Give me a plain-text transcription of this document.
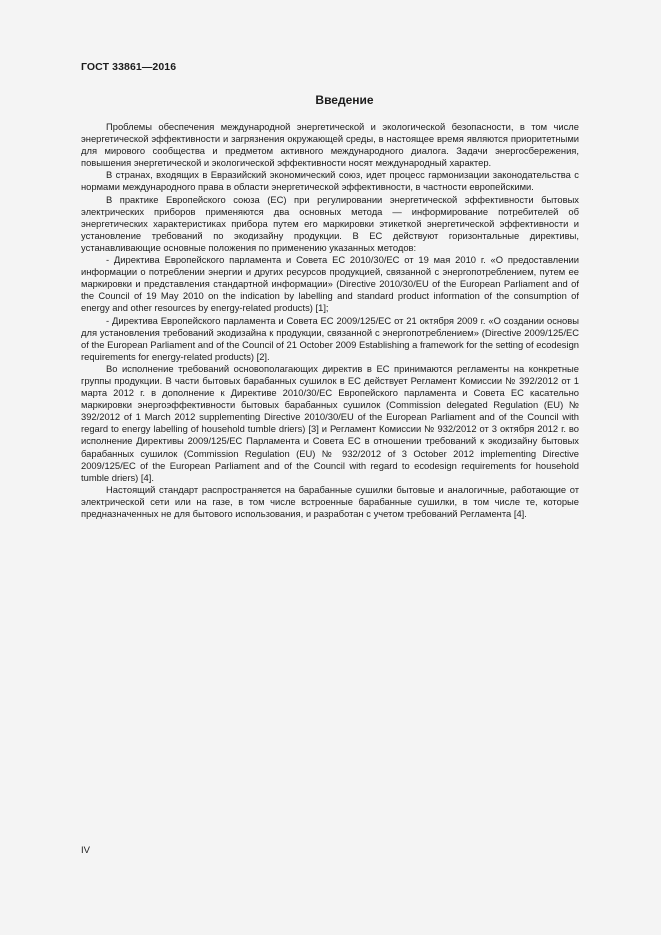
ГОСТ 33861—2016
Введение

Проблемы обеспечения международной энергетической и экологической безопасности, в том числе энергетической эффективности и загрязнения окружающей среды, в настоящее время являются приоритетными для мирового сообщества и предметом активного международного диалога. Задачи энергосбережения, повышения энергетической и экологической эффективности носят международный характер.

В странах, входящих в Евразийский экономический союз, идет процесс гармонизации законодательства с нормами международного права в области энергетической эффективности, в частности европейскими.

В практике Европейского союза (ЕС) при регулировании энергетической эффективности бытовых электрических приборов применяются два основных метода — информирование потребителей об энергетических характеристиках прибора путем его маркировки этикеткой энергетической эффективности и установление требований по экодизайну продукции. В ЕС действуют горизонтальные директивы, устанавливающие основные положения по применению указанных методов:

- Директива Европейского парламента и Совета ЕС 2010/30/ЕС от 19 мая 2010 г. «О предоставлении информации о потреблении энергии и других ресурсов продукцией, связанной с энергопотреблением, путем ее маркировки и представления стандартной информации» (Directive 2010/30/EU of the European Parliament and of the Council of 19 May 2010 on the indication by labelling and standard product information of the consumption of energy and other resources by energy-related products) [1];

- Директива Европейского парламента и Совета ЕС 2009/125/ЕС от 21 октября 2009 г. «О создании основы для установления требований экодизайна к продукции, связанной с энергопотреблением» (Directive 2009/125/EC of the European Parliament and of the Council of 21 October 2009 Establishing a framework for the setting of ecodesign requirements for energy-related products) [2].

Во исполнение требований основополагающих директив в ЕС принимаются регламенты на конкретные группы продукции. В части бытовых барабанных сушилок в ЕС действует Регламент Комиссии № 392/2012 от 1 марта 2012 г. в дополнение к Директиве 2010/30/ЕС Европейского парламента и Совета ЕС касательно маркировки энергоэффективности бытовых барабанных сушилок (Commission delegated Regulation (EU) № 392/2012 of 1 March 2012 supplementing Directive 2010/30/EU of the European Parliament and of the Council with regard to energy labelling of household tumble driers) [3] и Регламент Комиссии № 932/2012 от 3 октября 2012 г. во исполнение Директивы 2009/125/ЕС Парламента и Совета ЕС в отношении требований к экодизайну бытовых барабанных сушилок (Commission Regulation (EU) № 932/2012 of 3 October 2012 implementing Directive 2009/125/EC of the European Parliament and of the Council with regard to ecodesign requirements for household tumble driers) [4].

Настоящий стандарт распространяется на барабанные сушилки бытовые и аналогичные, работающие от электрической сети или на газе, в том числе встроенные барабанные сушилки, в том числе те, которые предназначенных не для бытового использования, и разработан с учетом требований Регламента [4].

IV
